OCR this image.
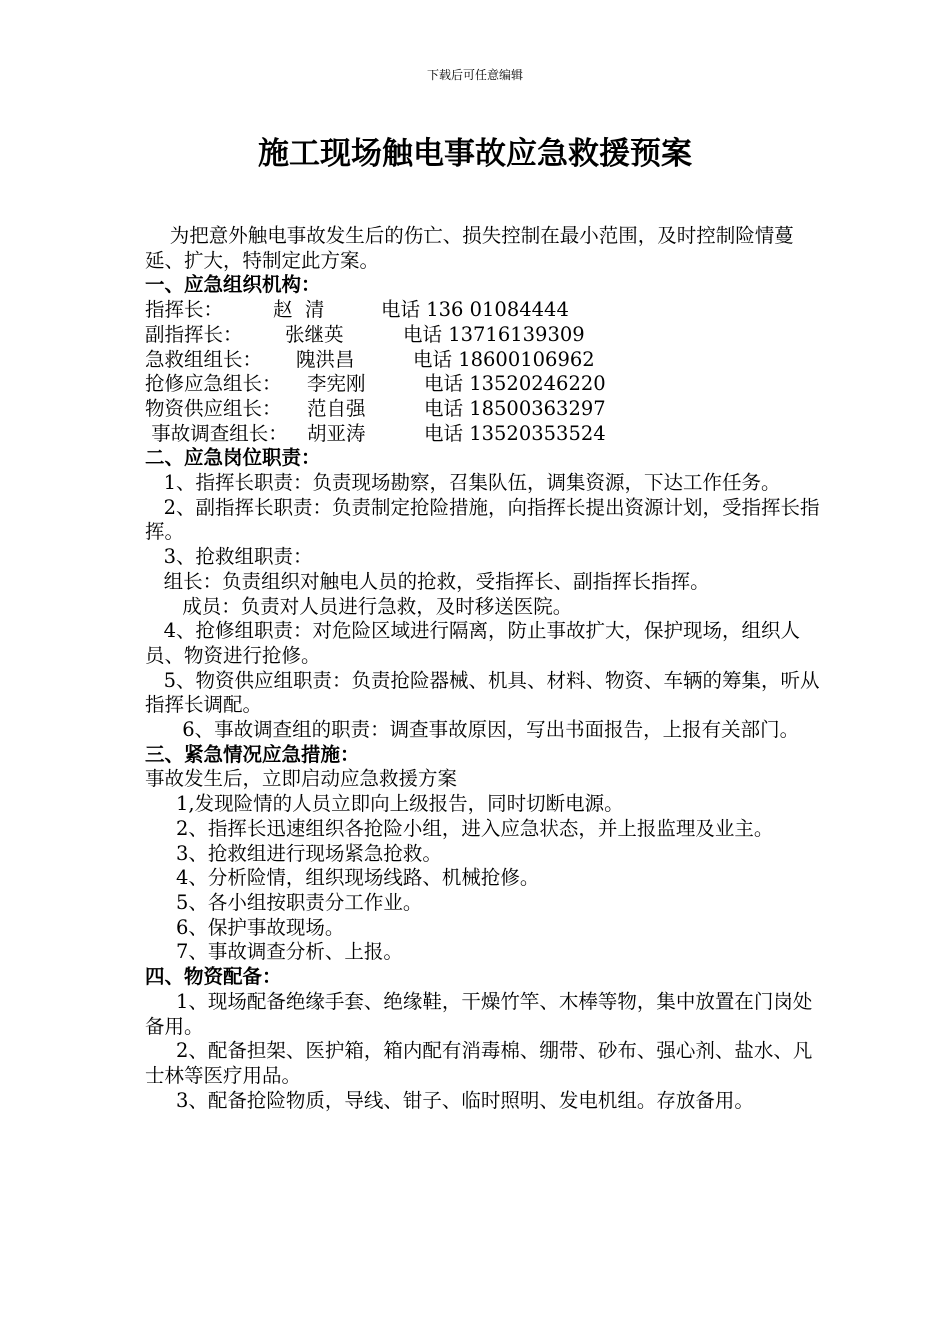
下载后可任意编辑
施工现场触电事故应急救援预案

为把意外触电事故发生后的伤亡、损失控制在最小范围，及时控制险情蔓延、扩大，特制定此方案。

一、应急组织机构：

指挥长：	赵  清	电话 136 01084444

副指挥长： 张继英	电话 13716139309

急救组组长： 隗洪昌	电话 18600106962

抢修应急组长： 李宪刚	电话 13520246220

物资供应组长： 范自强	电话 18500363297

事故调查组长： 胡亚涛	电话 13520353524

二、应急岗位职责：

1、指挥长职责：负责现场勘察，召集队伍，调集资源，下达工作任务。

2、副指挥长职责：负责制定抢险措施，向指挥长提出资源计划，受指挥长指挥。

3、抢救组职责：

组长：负责组织对触电人员的抢救，受指挥长、副指挥长指挥。

成员：负责对人员进行急救，及时移送医院。

4、抢修组职责：对危险区域进行隔离，防止事故扩大，保护现场，组织人员、物资进行抢修。

5、物资供应组职责：负责抢险器械、机具、材料、物资、车辆的筹集，听从指挥长调配。

6、事故调查组的职责：调查事故原因，写出书面报告，上报有关部门。

三、紧急情况应急措施：

事故发生后，立即启动应急救援方案

1,发现险情的人员立即向上级报告，同时切断电源。

2、指挥长迅速组织各抢险小组，进入应急状态，并上报监理及业主。

3、抢救组进行现场紧急抢救。

4、分析险情，组织现场线路、机械抢修。

5、各小组按职责分工作业。

6、保护事故现场。

7、事故调查分析、上报。

四、物资配备：

1、现场配备绝缘手套、绝缘鞋，干燥竹竿、木棒等物，集中放置在门岗处备用。

2、配备担架、医护箱，箱内配有消毒棉、绷带、砂布、强心剂、盐水、凡士林等医疗用品。

3、配备抢险物质，导线、钳子、临时照明、发电机组。存放备用。
